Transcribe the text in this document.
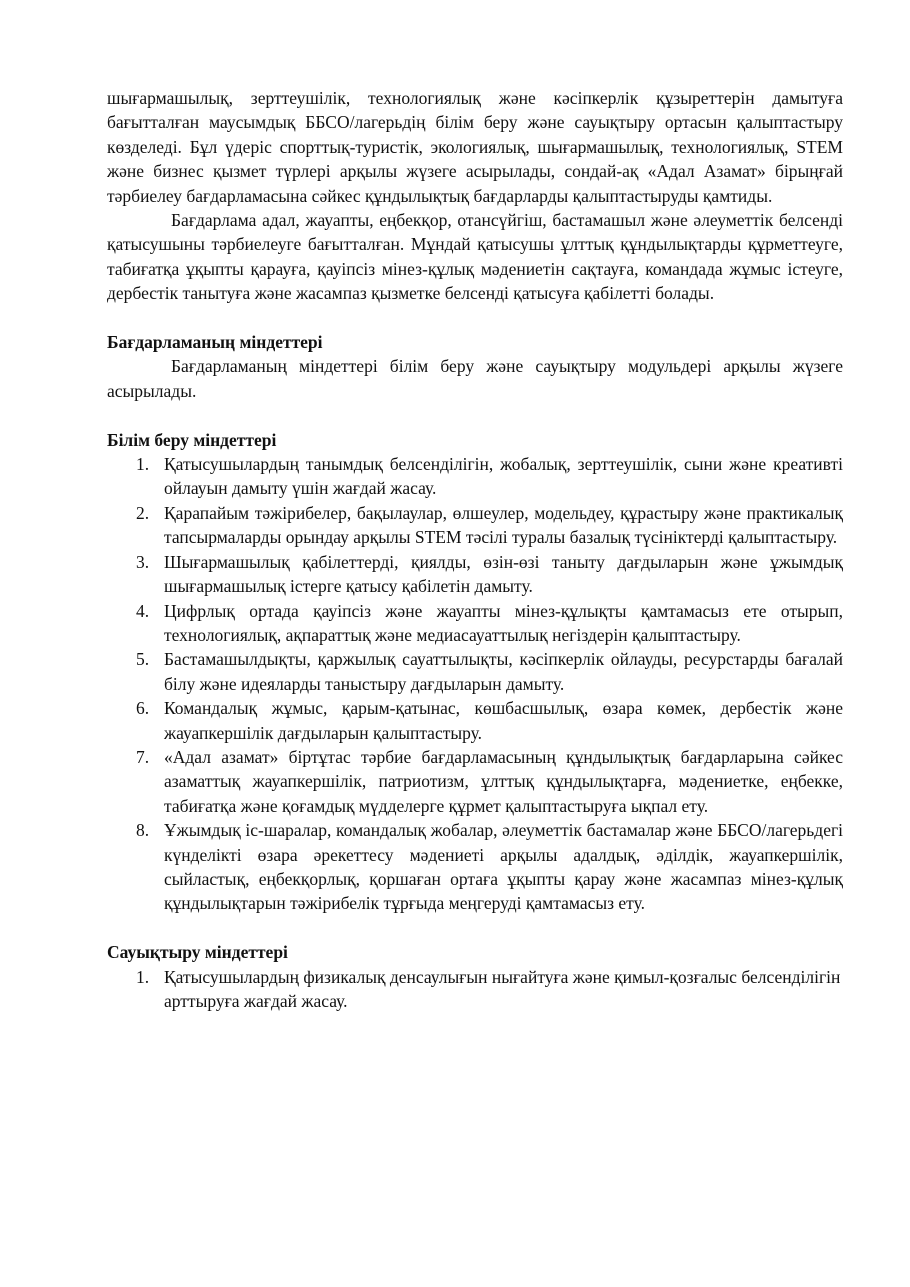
шығармашылық, зерттеушілік, технологиялық және кәсіпкерлік құзыреттерін дамытуға бағытталған маусымдық ББСО/лагерьдің білім беру және сауықтыру ортасын қалыптастыру көзделеді. Бұл үдеріс спорттық-туристік, экологиялық, шығармашылық, технологиялық, STEM және бизнес қызмет түрлері арқылы жүзеге асырылады, сондай-ақ «Адал Азамат» бірыңғай тәрбиелеу бағдарламасына сәйкес құндылықтық бағдарларды қалыптастыруды қамтиды.

Бағдарлама адал, жауапты, еңбекқор, отансүйгіш, бастамашыл және әлеуметтік белсенді қатысушыны тәрбиелеуге бағытталған. Мұндай қатысушы ұлттық құндылықтарды құрметтеуге, табиғатқа ұқыпты қарауға, қауіпсіз мінез-құлық мәдениетін сақтауға, командада жұмыс істеуге, дербестік танытуға және жасампаз қызметке белсенді қатысуға қабілетті болады.

Бағдарламаның міндеттері

Бағдарламаның міндеттері білім беру және сауықтыру модульдері арқылы жүзеге асырылады.

Білім беру міндеттері
1. Қатысушылардың танымдық белсенділігін, жобалық, зерттеушілік, сыни және креативті ойлауын дамыту үшін жағдай жасау.
2. Қарапайым тәжірибелер, бақылаулар, өлшеулер, модельдеу, құрастыру және практикалық тапсырмаларды орындау арқылы STEM тәсілі туралы базалық түсініктерді қалыптастыру.
3. Шығармашылық қабілеттерді, қиялды, өзін-өзі таныту дағдыларын және ұжымдық шығармашылық істерге қатысу қабілетін дамыту.
4. Цифрлық ортада қауіпсіз және жауапты мінез-құлықты қамтамасыз ете отырып, технологиялық, ақпараттық және медиасауаттылық негіздерін қалыптастыру.
5. Бастамашылдықты, қаржылық сауаттылықты, кәсіпкерлік ойлауды, ресурстарды бағалай білу және идеяларды таныстыру дағдыларын дамыту.
6. Командалық жұмыс, қарым-қатынас, көшбасшылық, өзара көмек, дербестік және жауапкершілік дағдыларын қалыптастыру.
7. «Адал азамат» біртұтас тәрбие бағдарламасының құндылықтық бағдарларына сәйкес азаматтық жауапкершілік, патриотизм, ұлттық құндылықтарға, мәдениетке, еңбекке, табиғатқа және қоғамдық мүдделерге құрмет қалыптастыруға ықпал ету.
8. Ұжымдық іс-шаралар, командалық жобалар, әлеуметтік бастамалар және ББСО/лагерьдегі күнделікті өзара әрекеттесу мәдениеті арқылы адалдық, әділдік, жауапкершілік, сыйластық, еңбекқорлық, қоршаған ортаға ұқыпты қарау және жасампаз мінез-құлық құндылықтарын тәжірибелік тұрғыда меңгеруді қамтамасыз ету.
Сауықтыру міндеттері
1. Қатысушылардың физикалық денсаулығын нығайтуға және қимыл-қозғалыс белсенділігін арттыруға жағдай жасау.
